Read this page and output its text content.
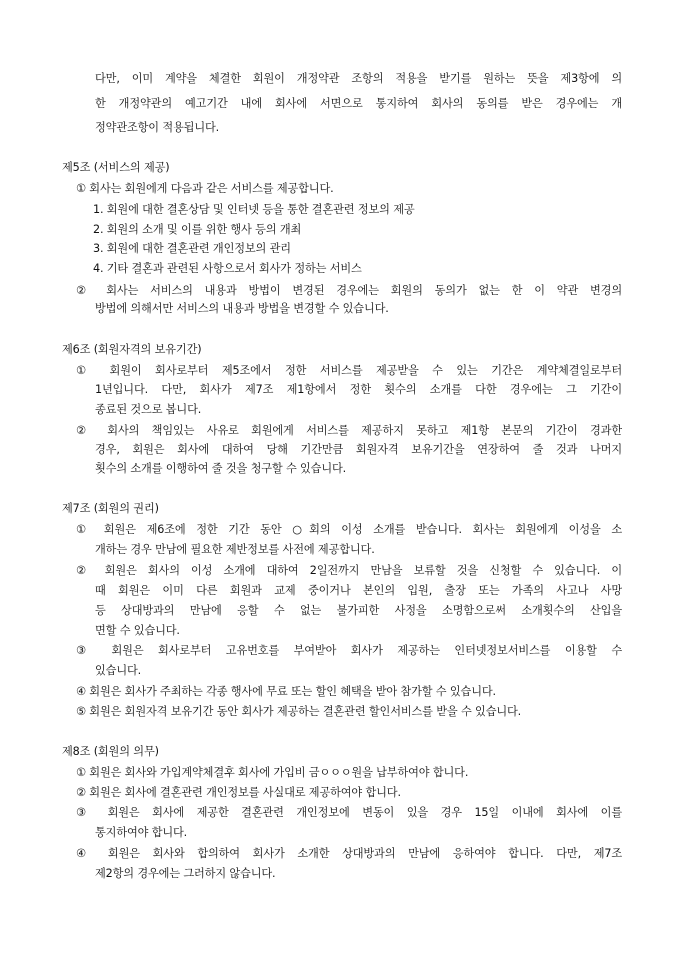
다만, 이미 계약을 체결한 회원이 개정약관 조항의 적용을 받기를 원하는 뜻을 제3항에 의
한 개정약관의 예고기간 내에 회사에 서면으로 통지하여 회사의 동의를 받은 경우에는 개
정약관조항이 적용됩니다.
제5조 (서비스의 제공)
① 회사는 회원에게 다음과 같은 서비스를 제공합니다.
1. 회원에 대한 결혼상담 및 인터넷 등을 통한 결혼관련 정보의 제공
2. 회원의 소개 및 이를 위한 행사 등의 개최
3. 회원에 대한 결혼관련 개인정보의 관리
4. 기타 결혼과 관련된 사항으로서 회사가 정하는 서비스
② 회사는 서비스의 내용과 방법이 변경된 경우에는 회원의 동의가 없는 한 이 약관 변경의
방법에 의해서만 서비스의 내용과 방법을 변경할 수 있습니다.
제6조 (회원자격의 보유기간)
① 회원이 회사로부터 제5조에서 정한 서비스를 제공받을 수 있는 기간은 계약체결일로부터
1년입니다. 다만, 회사가 제7조 제1항에서 정한 횟수의 소개를 다한 경우에는 그 기간이
종료된 것으로 봅니다.
② 회사의 책임있는 사유로 회원에게 서비스를 제공하지 못하고 제1항 본문의 기간이 경과한
경우, 회원은 회사에 대하여 당해 기간만큼 회원자격 보유기간을 연장하여 줄 것과 나머지
횟수의 소개를 이행하여 줄 것을 청구할 수 있습니다.
제7조 (회원의 권리)
① 회원은 제6조에 정한 기간 동안 ○회의 이성 소개를 받습니다. 회사는 회원에게 이성을 소
개하는 경우 만남에 필요한 제반정보를 사전에 제공합니다.
② 회원은 회사의 이성 소개에 대하여 2일전까지 만남을 보류할 것을 신청할 수 있습니다. 이
때 회원은 이미 다른 회원과 교제 중이거나 본인의 입원, 출장 또는 가족의 사고나 사망
등 상대방과의 만남에 응할 수 없는 불가피한 사정을 소명함으로써 소개횟수의 산입을
면할 수 있습니다.
③ 회원은 회사로부터 고유번호를 부여받아 회사가 제공하는 인터넷정보서비스를 이용할 수
있습니다.
④ 회원은 회사가 주최하는 각종 행사에 무료 또는 할인 혜택을 받아 참가할 수 있습니다.
⑤ 회원은 회원자격 보유기간 동안 회사가 제공하는 결혼관련 할인서비스를 받을 수 있습니다.
제8조 (회원의 의무)
① 회원은 회사와 가입계약체결후 회사에 가입비 금ㅇㅇㅇ원을 납부하여야 합니다.
② 회원은 회사에 결혼관련 개인정보를 사실대로 제공하여야 합니다.
③ 회원은 회사에 제공한 결혼관련 개인정보에 변동이 있을 경우 15일 이내에 회사에 이를
통지하여야 합니다.
④ 회원은 회사와 합의하여 회사가 소개한 상대방과의 만남에 응하여야 합니다. 다만, 제7조
제2항의 경우에는 그러하지 않습니다.
